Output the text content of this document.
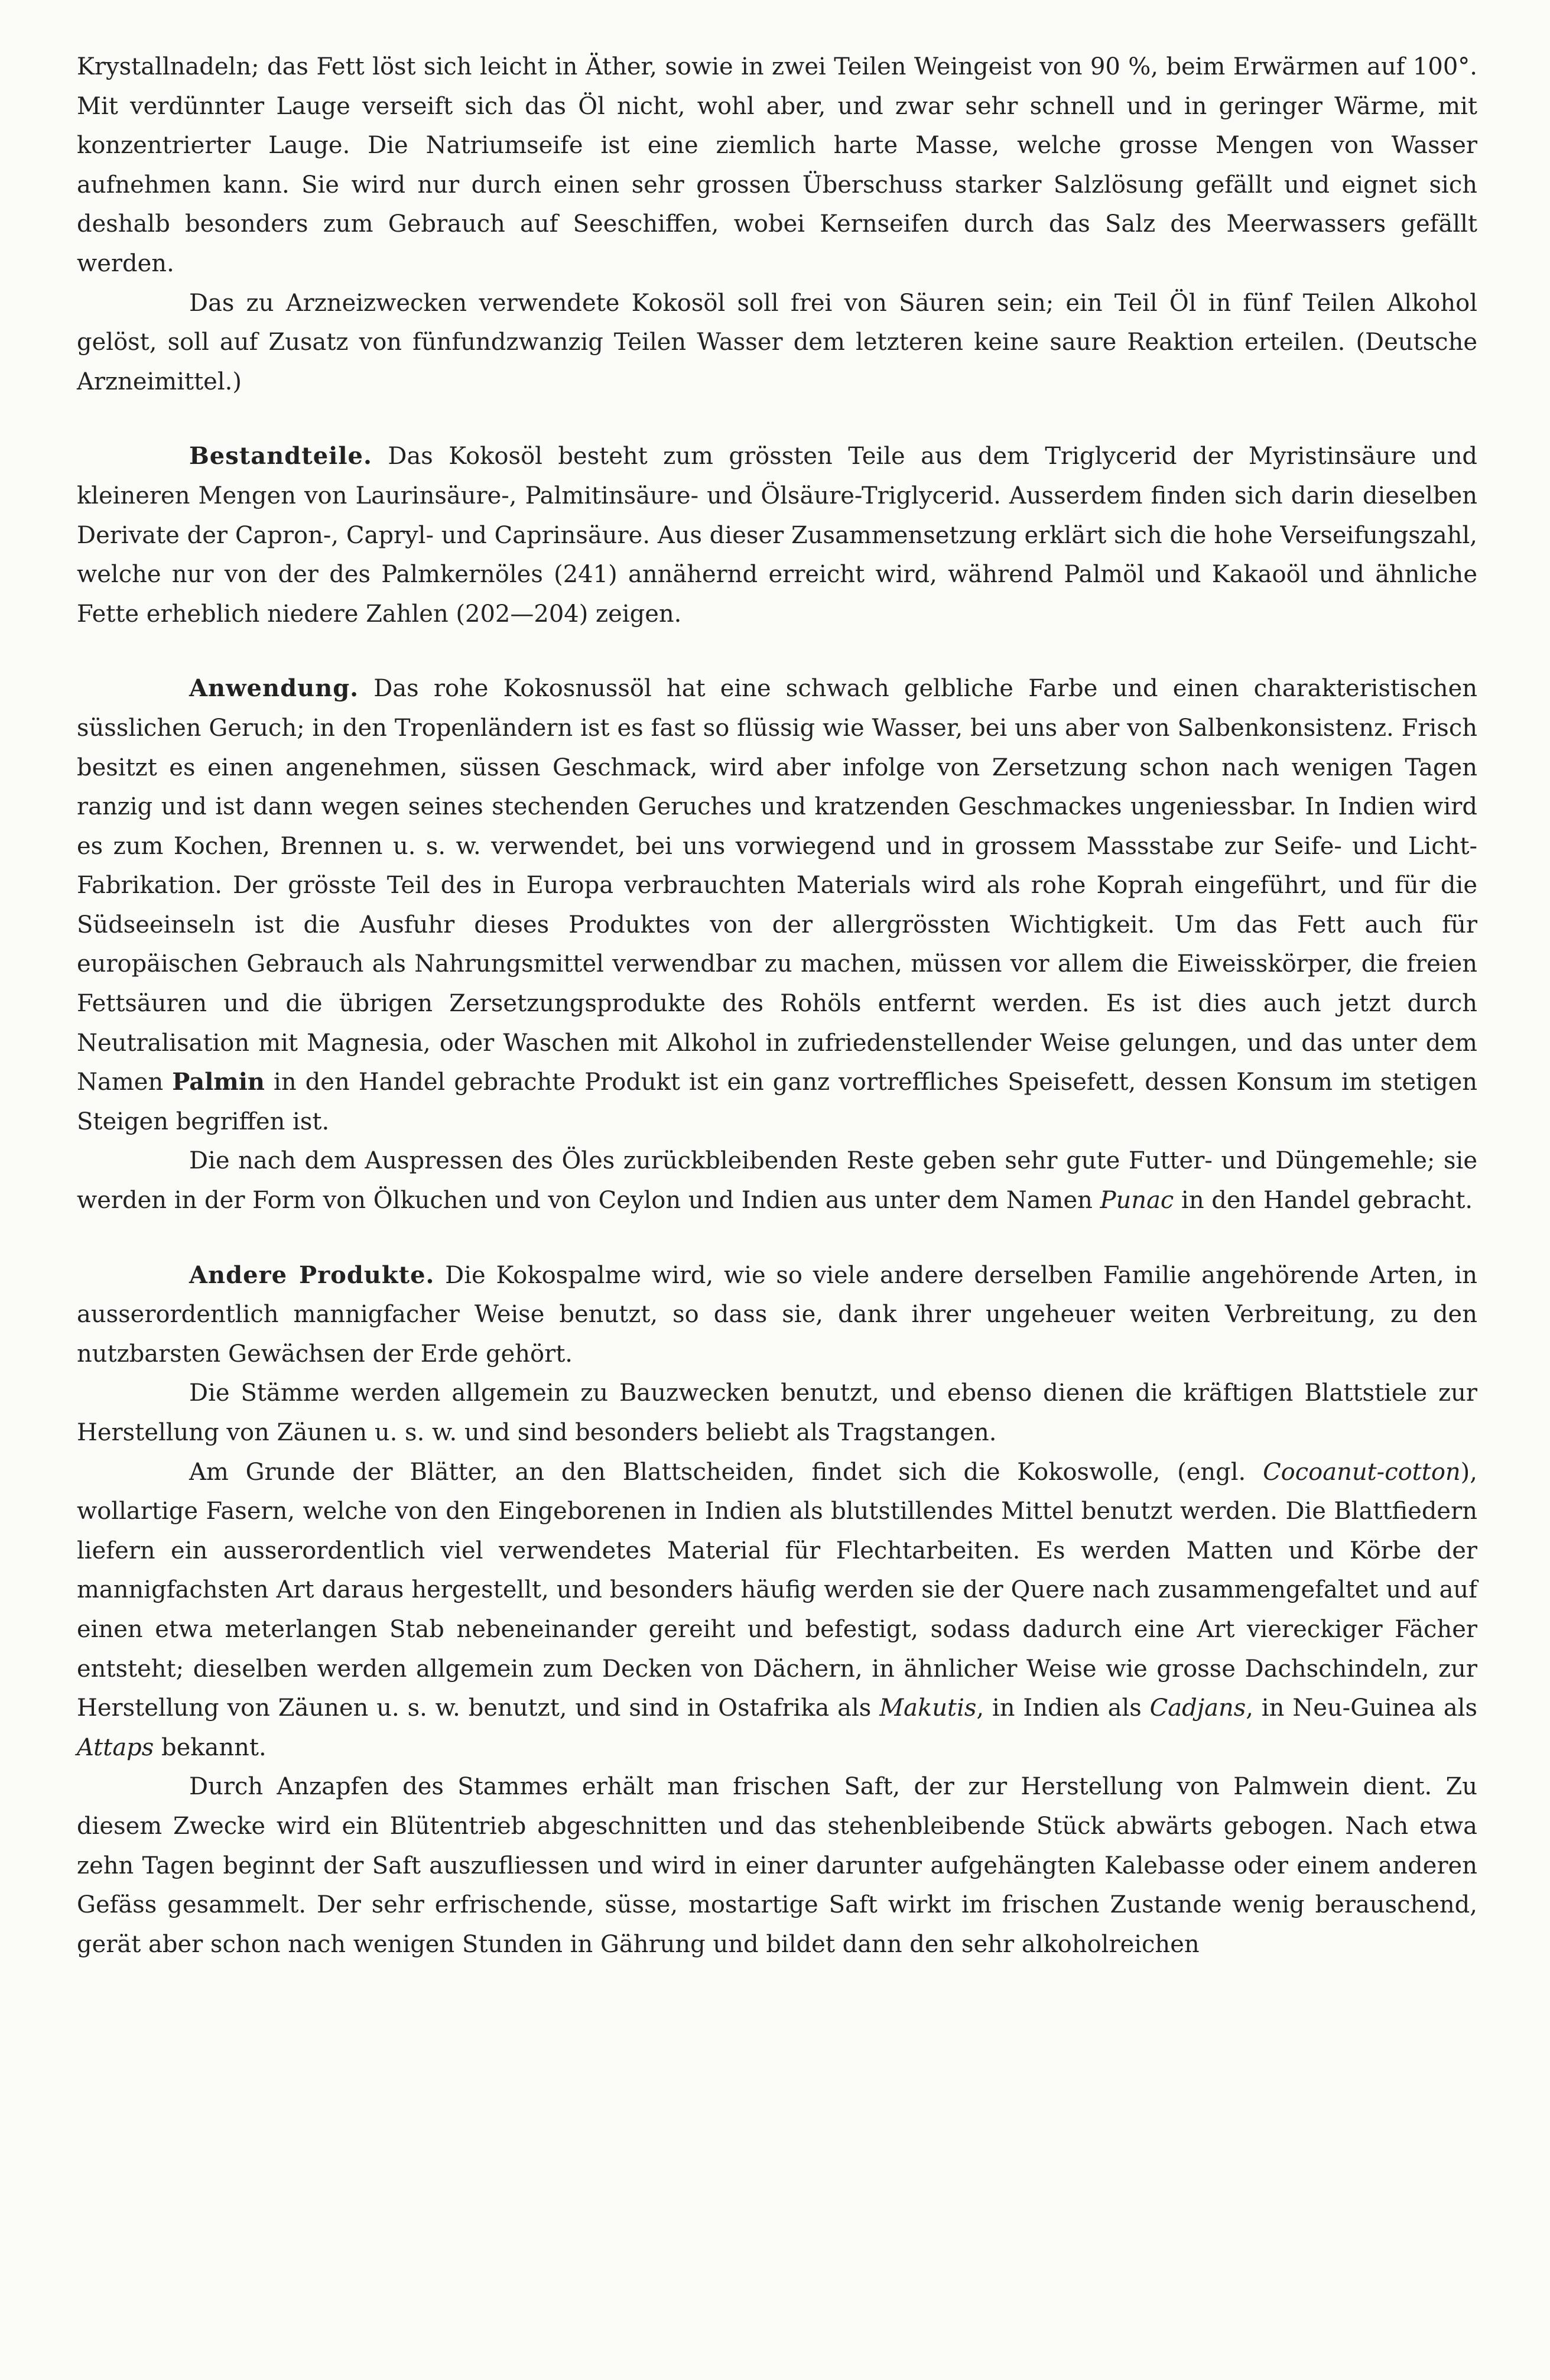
Krystallnadeln; das Fett löst sich leicht in Äther, sowie in zwei Teilen Weingeist von 90 %, beim Erwärmen auf 100°. Mit verdünnter Lauge verseift sich das Öl nicht, wohl aber, und zwar sehr schnell und in geringer Wärme, mit konzentrierter Lauge. Die Natriumseife ist eine ziemlich harte Masse, welche grosse Mengen von Wasser aufnehmen kann. Sie wird nur durch einen sehr grossen Überschuss starker Salzlösung gefällt und eignet sich deshalb besonders zum Gebrauch auf Seeschiffen, wobei Kernseifen durch das Salz des Meerwassers gefällt werden.

Das zu Arzneizwecken verwendete Kokosöl soll frei von Säuren sein; ein Teil Öl in fünf Teilen Alkohol gelöst, soll auf Zusatz von fünfundzwanzig Teilen Wasser dem letzteren keine saure Reaktion erteilen. (Deutsche Arzneimittel.)

Bestandteile. Das Kokosöl besteht zum grössten Teile aus dem Triglycerid der Myristinsäure und kleineren Mengen von Laurinsäure-, Palmitinsäure- und Ölsäure-Triglycerid. Ausserdem finden sich darin dieselben Derivate der Capron-, Capryl- und Caprinsäure. Aus dieser Zusammensetzung erklärt sich die hohe Verseifungszahl, welche nur von der des Palmkernöles (241) annähernd erreicht wird, während Palmöl und Kakaoöl und ähnliche Fette erheblich niedere Zahlen (202—204) zeigen.

Anwendung. Das rohe Kokosnussöl hat eine schwach gelbliche Farbe und einen charakteristischen süsslichen Geruch; in den Tropenländern ist es fast so flüssig wie Wasser, bei uns aber von Salbenkonsistenz. Frisch besitzt es einen angenehmen, süssen Geschmack, wird aber infolge von Zersetzung schon nach wenigen Tagen ranzig und ist dann wegen seines stechenden Geruches und kratzenden Geschmackes ungeniessbar. In Indien wird es zum Kochen, Brennen u. s. w. verwendet, bei uns vorwiegend und in grossem Massstabe zur Seife- und Licht-Fabrikation. Der grösste Teil des in Europa verbrauchten Materials wird als rohe Koprah eingeführt, und für die Südseeinseln ist die Ausfuhr dieses Produktes von der allergrössten Wichtigkeit. Um das Fett auch für europäischen Gebrauch als Nahrungsmittel verwendbar zu machen, müssen vor allem die Eiweisskörper, die freien Fettsäuren und die übrigen Zersetzungsprodukte des Rohöls entfernt werden. Es ist dies auch jetzt durch Neutralisation mit Magnesia, oder Waschen mit Alkohol in zufriedenstellender Weise gelungen, und das unter dem Namen Palmin in den Handel gebrachte Produkt ist ein ganz vortreffliches Speisefett, dessen Konsum im stetigen Steigen begriffen ist.

Die nach dem Auspressen des Öles zurückbleibenden Reste geben sehr gute Futter- und Düngemehle; sie werden in der Form von Ölkuchen und von Ceylon und Indien aus unter dem Namen Punac in den Handel gebracht.

Andere Produkte. Die Kokospalme wird, wie so viele andere derselben Familie angehörende Arten, in ausserordentlich mannigfacher Weise benutzt, so dass sie, dank ihrer ungeheuer weiten Verbreitung, zu den nutzbarsten Gewächsen der Erde gehört.

Die Stämme werden allgemein zu Bauzwecken benutzt, und ebenso dienen die kräftigen Blattstiele zur Herstellung von Zäunen u. s. w. und sind besonders beliebt als Tragstangen.

Am Grunde der Blätter, an den Blattscheiden, findet sich die Kokoswolle, (engl. Cocoanut-cotton), wollartige Fasern, welche von den Eingeborenen in Indien als blutstillendes Mittel benutzt werden. Die Blattfiedern liefern ein ausserordentlich viel verwendetes Material für Flechtarbeiten. Es werden Matten und Körbe der mannigfachsten Art daraus hergestellt, und besonders häufig werden sie der Quere nach zusammengefaltet und auf einen etwa meterlangen Stab nebeneinander gereiht und befestigt, sodass dadurch eine Art viereckiger Fächer entsteht; dieselben werden allgemein zum Decken von Dächern, in ähnlicher Weise wie grosse Dachschindeln, zur Herstellung von Zäunen u. s. w. benutzt, und sind in Ostafrika als Makutis, in Indien als Cadjans, in Neu-Guinea als Attaps bekannt.

Durch Anzapfen des Stammes erhält man frischen Saft, der zur Herstellung von Palmwein dient. Zu diesem Zwecke wird ein Blütentrieb abgeschnitten und das stehenbleibende Stück abwärts gebogen. Nach etwa zehn Tagen beginnt der Saft auszufliessen und wird in einer darunter aufgehängten Kalebasse oder einem anderen Gefäss gesammelt. Der sehr erfrischende, süsse, mostartige Saft wirkt im frischen Zustande wenig berauschend, gerät aber schon nach wenigen Stunden in Gährung und bildet dann den sehr alkoholreichen
